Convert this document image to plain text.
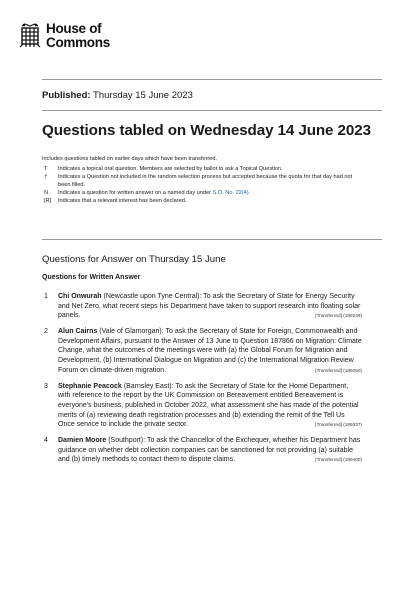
House of
Commons
Published: Thursday 15 June 2023
Questions tabled on Wednesday 14 June 2023
Includes questions tabled on earlier days which have been transferred.
T	Indicates a topical oral question. Members are selected by ballot to ask a Topical Question.
†	Indicates a Question not included in the random selection process but accepted because the quota for that day had not been filled.
N	Indicates a question for written answer on a named day under S.O. No. 22(4).
[R]	Indicates that a relevant interest has been declared.
Questions for Answer on Thursday 15 June
Questions for Written Answer
1	Chi Onwurah (Newcastle upon Tyne Central): To ask the Secretary of State for Energy Security and Net Zero, what recent steps his Department have taken to support research into floating solar panels.	[Transferred] (189239)
2	Alun Cairns (Vale of Glamorgan): To ask the Secretary of State for Foreign, Commonwealth and Development Affairs, pursuant to the Answer of 13 June to Question 187866 on Migration: Climate Change, what the outcomes of the meetings were with (a) the Global Forum for Migration and Development, (b) International Dialogue on Migration and (c) the International Migration Review Forum on climate-driven migration.	[Transferred] (189250)
3	Stephanie Peacock (Barnsley East): To ask the Secretary of State for the Home Department, with reference to the report by the UK Commission on Bereavement entitled Bereavement is everyone's business, published in October 2022, what assessment she has made of the potential merits of (a) reviewing death registration processes and (b) extending the remit of the Tell Us Once service to include the private sector.	[Transferred] (189337)
4	Damien Moore (Southport): To ask the Chancellor of the Exchequer, whether his Department has guidance on whether debt collection companies can be sanctioned for not providing (a) suitable and (b) timely methods to contact them to dispute claims.	[Transferred] (189400)
